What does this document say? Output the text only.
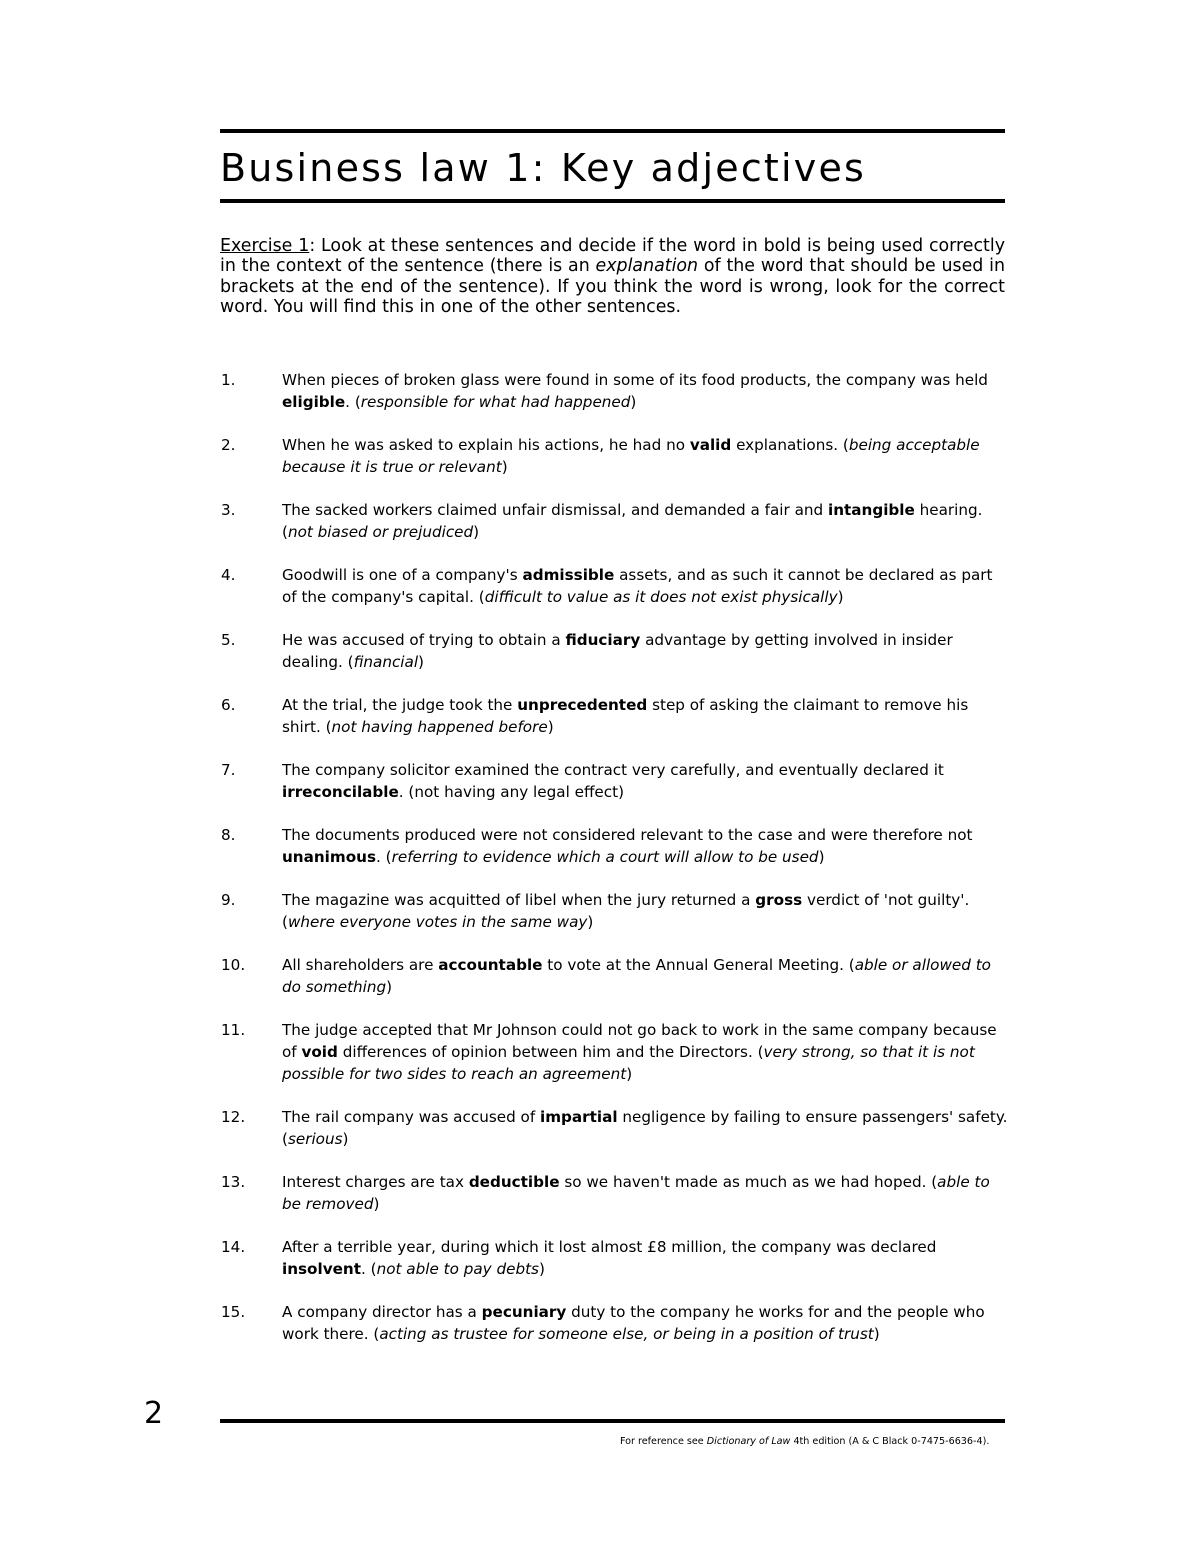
Business law 1: Key adjectives

Exercise 1: Look at these sentences and decide if the word in bold is being used correctly in the context of the sentence (there is an explanation of the word that should be used in brackets at the end of the sentence). If you think the word is wrong, look for the correct word. You will find this in one of the other sentences.

1.	When pieces of broken glass were found in some of its food products, the company was held eligible. (responsible for what had happened)
2.	When he was asked to explain his actions, he had no valid explanations. (being acceptable because it is true or relevant)
3.	The sacked workers claimed unfair dismissal, and demanded a fair and intangible hearing. (not biased or prejudiced)
4.	Goodwill is one of a company's admissible assets, and as such it cannot be declared as part of the company's capital. (difficult to value as it does not exist physically)
5.	He was accused of trying to obtain a fiduciary advantage by getting involved in insider dealing. (financial)
6.	At the trial, the judge took the unprecedented step of asking the claimant to remove his shirt. (not having happened before)
7.	The company solicitor examined the contract very carefully, and eventually declared it irreconcilable. (not having any legal effect)
8.	The documents produced were not considered relevant to the case and were therefore not unanimous. (referring to evidence which a court will allow to be used)
9.	The magazine was acquitted of libel when the jury returned a gross verdict of 'not guilty'. (where everyone votes in the same way)
10. All shareholders are accountable to vote at the Annual General Meeting. (able or allowed to do something)
11. The judge accepted that Mr Johnson could not go back to work in the same company because of void differences of opinion between him and the Directors. (very strong, so that it is not possible for two sides to reach an agreement)
12. The rail company was accused of impartial negligence by failing to ensure passengers' safety. (serious)
13. Interest charges are tax deductible so we haven't made as much as we had hoped. (able to be removed)
14. After a terrible year, during which it lost almost £8 million, the company was declared insolvent. (not able to pay debts)
15. A company director has a pecuniary duty to the company he works for and the people who work there. (acting as trustee for someone else, or being in a position of trust)
2
For reference see Dictionary of Law 4th edition (A & C Black 0-7475-6636-4).
